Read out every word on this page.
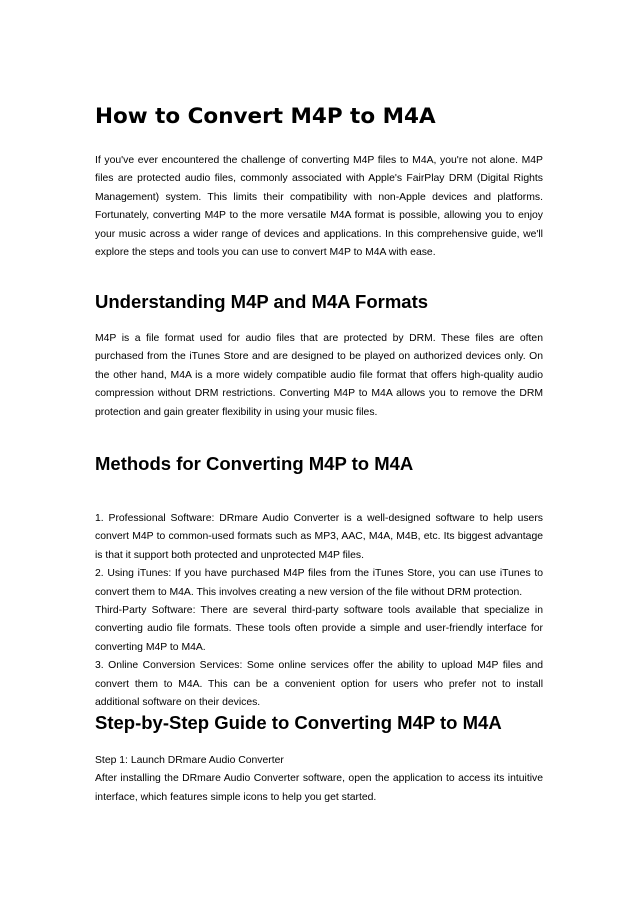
How to Convert M4P to M4A

If you've ever encountered the challenge of converting M4P files to M4A, you're not alone. M4P files are protected audio files, commonly associated with Apple's FairPlay DRM (Digital Rights Management) system. This limits their compatibility with non-Apple devices and platforms. Fortunately, converting M4P to the more versatile M4A format is possible, allowing you to enjoy your music across a wider range of devices and applications. In this comprehensive guide, we'll explore the steps and tools you can use to convert M4P to M4A with ease.

Understanding M4P and M4A Formats

M4P is a file format used for audio files that are protected by DRM. These files are often purchased from the iTunes Store and are designed to be played on authorized devices only. On the other hand, M4A is a more widely compatible audio file format that offers high-quality audio compression without DRM restrictions. Converting M4P to M4A allows you to remove the DRM protection and gain greater flexibility in using your music files.

Methods for Converting M4P to M4A

1. Professional Software: DRmare Audio Converter is a well-designed software to help users convert M4P to common-used formats such as MP3, AAC, M4A, M4B, etc. Its biggest advantage is that it support both protected and unprotected M4P files.

2. Using iTunes: If you have purchased M4P files from the iTunes Store, you can use iTunes to convert them to M4A. This involves creating a new version of the file without DRM protection.

Third-Party Software: There are several third-party software tools available that specialize in converting audio file formats. These tools often provide a simple and user-friendly interface for converting M4P to M4A.

3. Online Conversion Services: Some online services offer the ability to upload M4P files and convert them to M4A. This can be a convenient option for users who prefer not to install additional software on their devices.

Step-by-Step Guide to Converting M4P to M4A

Step 1: Launch DRmare Audio Converter

After installing the DRmare Audio Converter software, open the application to access its intuitive interface, which features simple icons to help you get started.
